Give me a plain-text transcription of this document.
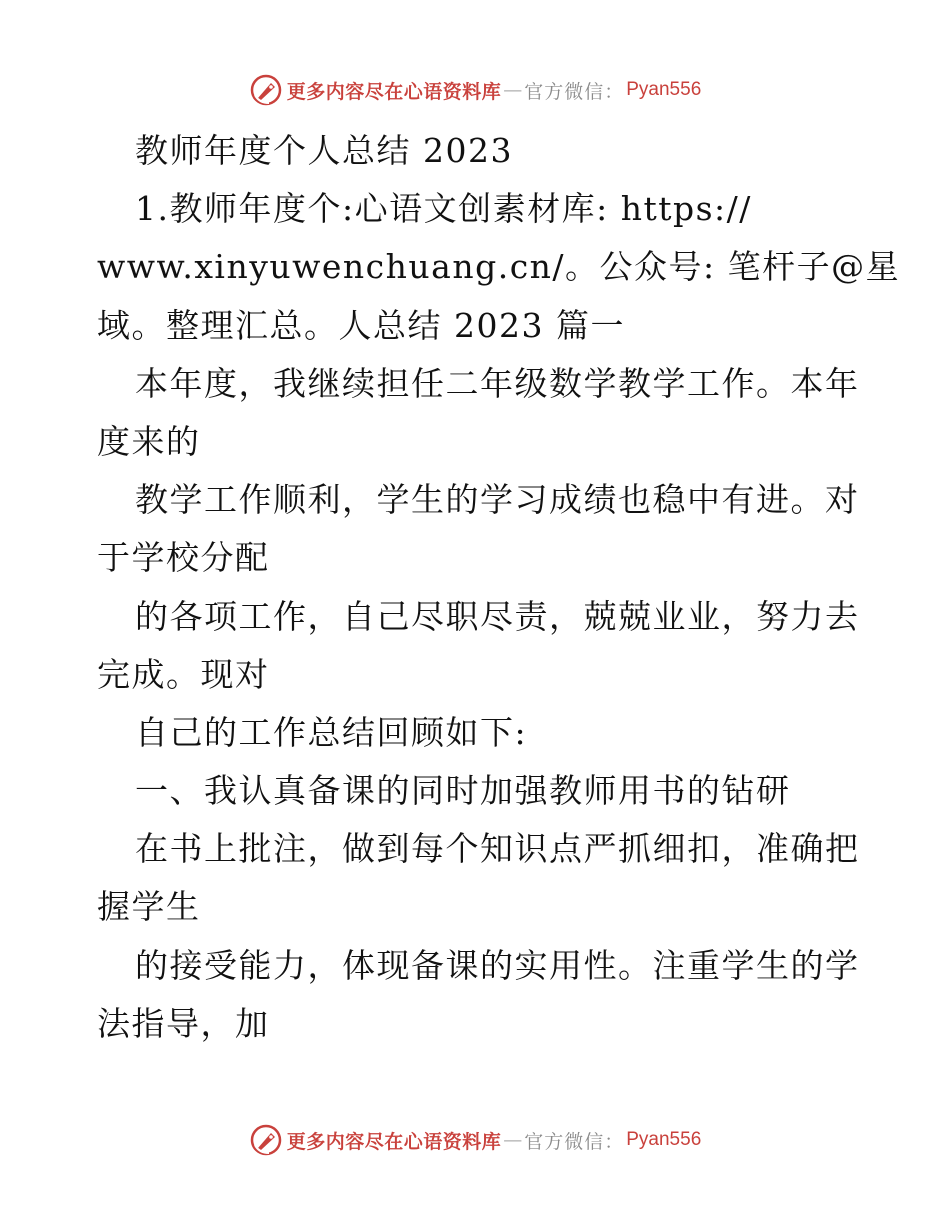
更多内容尽在心语资料库 — 官方微信： Pyan556
教师年度个人总结 2023
1.教师年度个:心语文创素材库: https://
www.xinyuwenchuang.cn/。公众号: 笔杆子@星
域。整理汇总。人总结 2023 篇一
本年度，我继续担任二年级数学教学工作。本年
度来的
教学工作顺利，学生的学习成绩也稳中有进。对
于学校分配
的各项工作，自己尽职尽责，兢兢业业，努力去
完成。现对
自己的工作总结回顾如下:
一、我认真备课的同时加强教师用书的钻研
在书上批注，做到每个知识点严抓细扣，准确把
握学生
的接受能力，体现备课的实用性。注重学生的学
法指导，加
更多内容尽在心语资料库 — 官方微信： Pyan556
